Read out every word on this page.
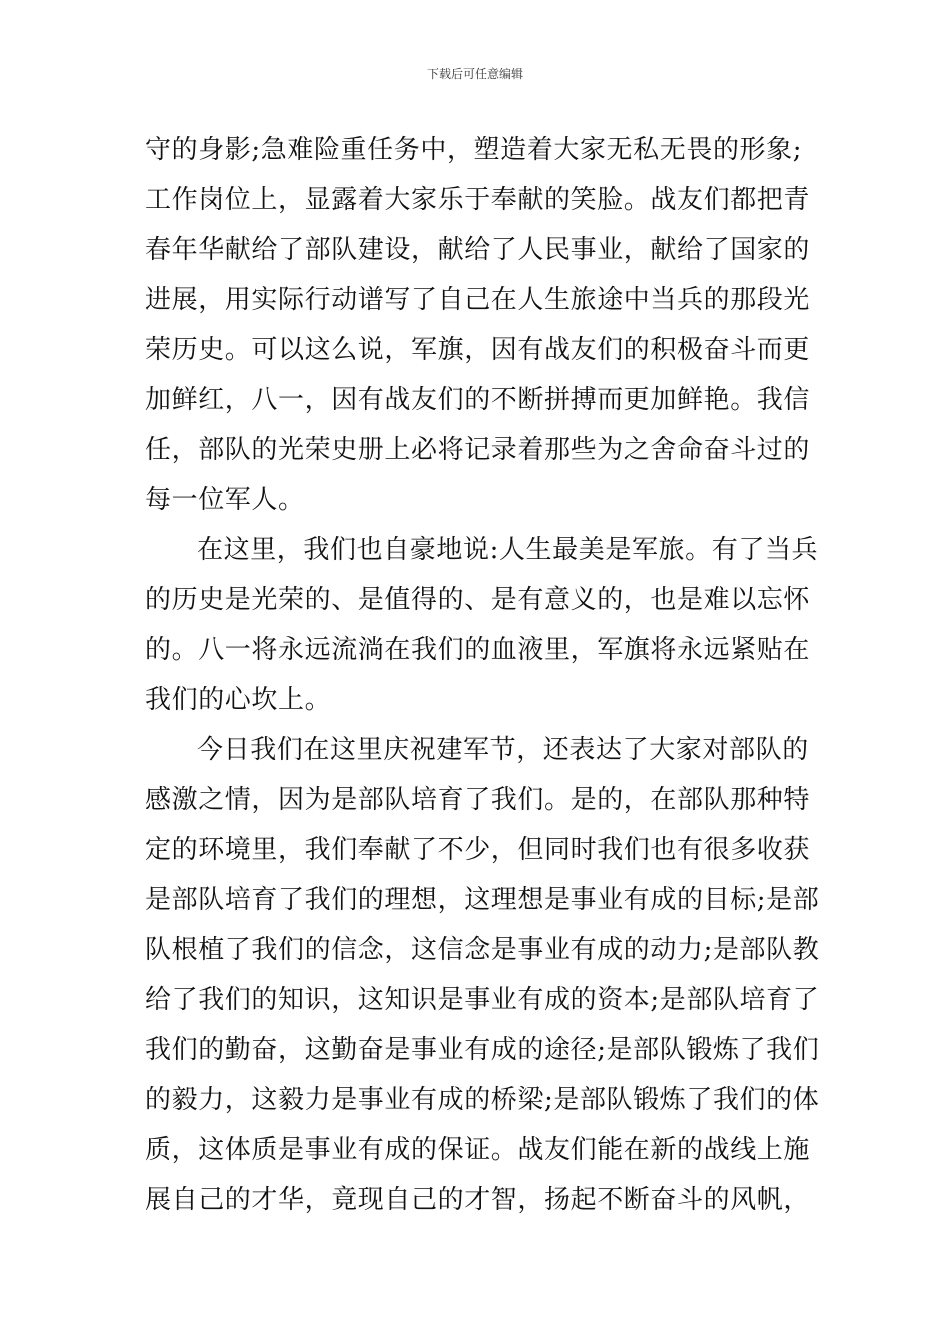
下载后可任意编辑
守的身影;急难险重任务中，塑造着大家无私无畏的形象;
工作岗位上，显露着大家乐于奉献的笑脸。战友们都把青
春年华献给了部队建设，献给了人民事业，献给了国家的
进展，用实际行动谱写了自己在人生旅途中当兵的那段光
荣历史。可以这么说，军旗，因有战友们的积极奋斗而更
加鲜红，八一，因有战友们的不断拼搏而更加鲜艳。我信
任，部队的光荣史册上必将记录着那些为之舍命奋斗过的
每一位军人。
在这里，我们也自豪地说:人生最美是军旅。有了当兵
的历史是光荣的、是值得的、是有意义的，也是难以忘怀
的。八一将永远流淌在我们的血液里，军旗将永远紧贴在
我们的心坎上。
今日我们在这里庆祝建军节，还表达了大家对部队的
感激之情，因为是部队培育了我们。是的，在部队那种特
定的环境里，我们奉献了不少，但同时我们也有很多收获
是部队培育了我们的理想，这理想是事业有成的目标;是部
队根植了我们的信念，这信念是事业有成的动力;是部队教
给了我们的知识，这知识是事业有成的资本;是部队培育了
我们的勤奋，这勤奋是事业有成的途径;是部队锻炼了我们
的毅力，这毅力是事业有成的桥梁;是部队锻炼了我们的体
质，这体质是事业有成的保证。战友们能在新的战线上施
展自己的才华，竟现自己的才智，扬起不断奋斗的风帆，
